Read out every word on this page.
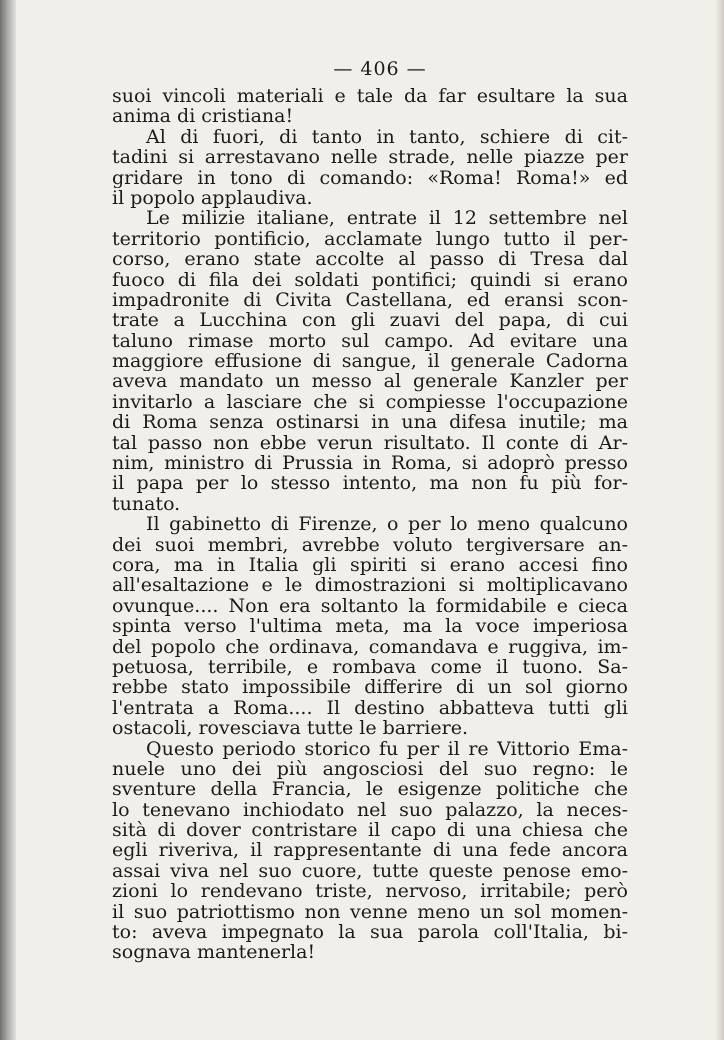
— 406 —
suoi vincoli materiali e tale da far esultare la sua
anima di cristiana!
Al di fuori, di tanto in tanto, schiere di cit-
tadini si arrestavano nelle strade, nelle piazze per
gridare in tono di comando: «Roma! Roma!» ed
il popolo applaudiva.
Le milizie italiane, entrate il 12 settembre nel
territorio pontificio, acclamate lungo tutto il per-
corso, erano state accolte al passo di Tresa dal
fuoco di fila dei soldati pontifici; quindi si erano
impadronite di Civita Castellana, ed eransi scon-
trate a Lucchina con gli zuavi del papa, di cui
taluno rimase morto sul campo. Ad evitare una
maggiore effusione di sangue, il generale Cadorna
aveva mandato un messo al generale Kanzler per
invitarlo a lasciare che si compiesse l'occupazione
di Roma senza ostinarsi in una difesa inutile; ma
tal passo non ebbe verun risultato. Il conte di Ar-
nim, ministro di Prussia in Roma, si adoprò presso
il papa per lo stesso intento, ma non fu più for-
tunato.
Il gabinetto di Firenze, o per lo meno qualcuno
dei suoi membri, avrebbe voluto tergiversare an-
cora, ma in Italia gli spiriti si erano accesi fino
all'esaltazione e le dimostrazioni si moltiplicavano
ovunque.... Non era soltanto la formidabile e cieca
spinta verso l'ultima meta, ma la voce imperiosa
del popolo che ordinava, comandava e ruggiva, im-
petuosa, terribile, e rombava come il tuono. Sa-
rebbe stato impossibile differire di un sol giorno
l'entrata a Roma.... Il destino abbatteva tutti gli
ostacoli, rovesciava tutte le barriere.
Questo periodo storico fu per il re Vittorio Ema-
nuele uno dei più angosciosi del suo regno: le
sventure della Francia, le esigenze politiche che
lo tenevano inchiodato nel suo palazzo, la neces-
sità di dover contristare il capo di una chiesa che
egli riveriva, il rappresentante di una fede ancora
assai viva nel suo cuore, tutte queste penose emo-
zioni lo rendevano triste, nervoso, irritabile; però
il suo patriottismo non venne meno un sol momen-
to: aveva impegnato la sua parola coll'Italia, bi-
sognava mantenerla!
